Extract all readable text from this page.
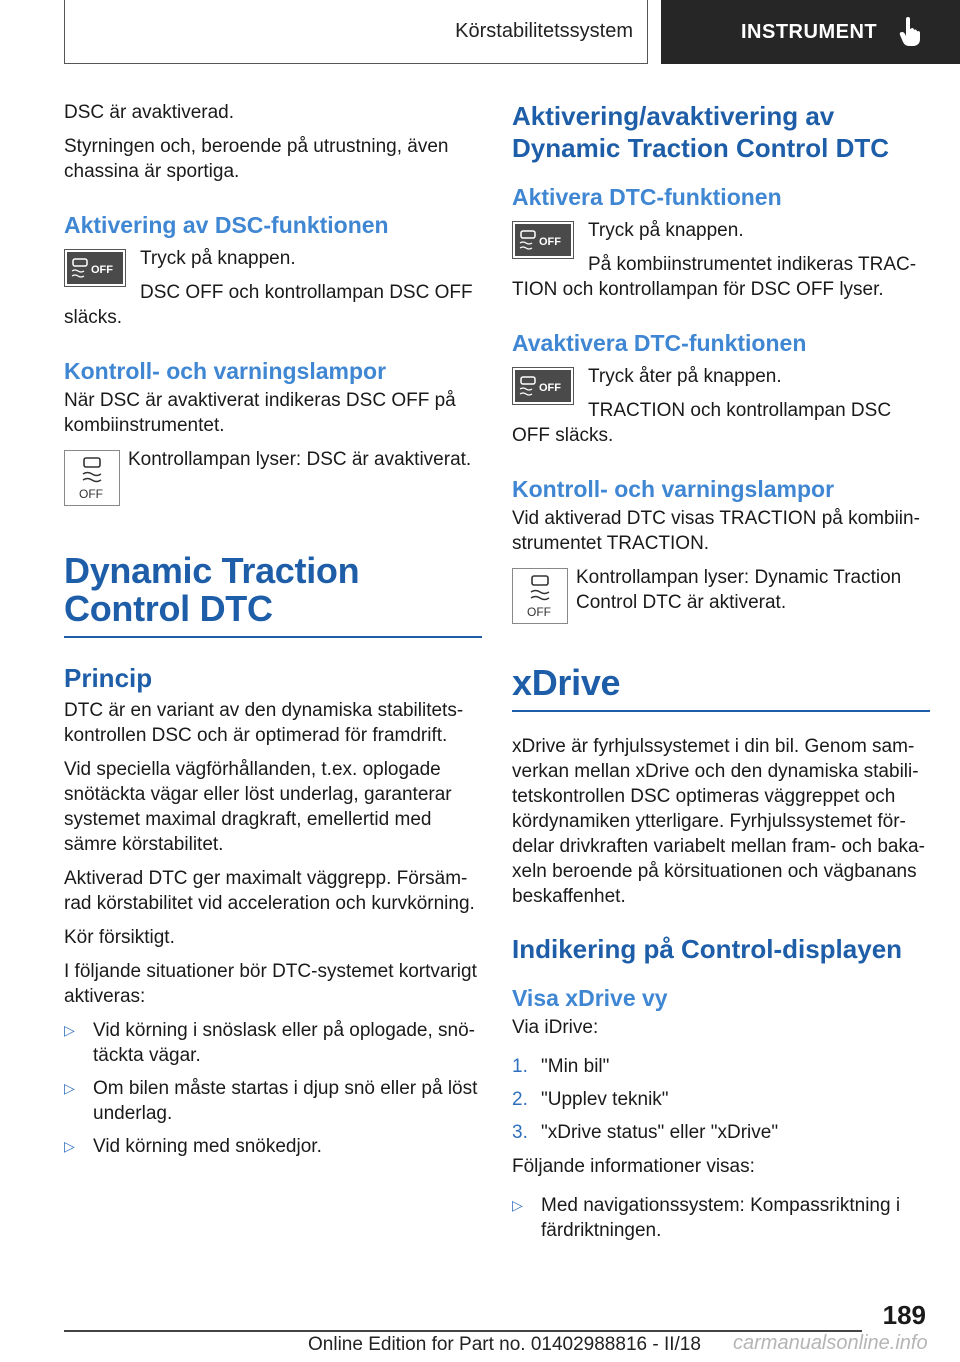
Körstabilitetssystem	INSTRUMENT

DSC är avaktiverad.

Styrningen och, beroende på utrustning, även chassina är sportiga.

Aktivering av DSC-funktionen
OFF

Tryck på knappen.

DSC OFF och kontrollampan DSC OFF släcks.

Kontroll- och varningslampor

När DSC är avaktiverat indikeras DSC OFF på kombiinstrumentet.

OFF

Kontrollampan lyser: DSC är avaktiverat.

Dynamic Traction Control DTC
Princip

DTC är en variant av den dynamiska stabilitetskontrollen DSC och är optimerad för framdrift.

Vid speciella vägförhållanden, t.ex. oplogade snötäckta vägar eller löst underlag, garanterar systemet maximal dragkraft, emellertid med sämre körstabilitet.

Aktiverad DTC ger maximalt väggrepp. Försämrad körstabilitet vid acceleration och kurvkörning.

Kör försiktigt.

I följande situationer bör DTC-systemet kortvarigt aktiveras:

▷ Vid körning i snöslask eller på oplogade, snötäckta vägar.
▷ Om bilen måste startas i djup snö eller på löst underlag.
▷ Vid körning med snökedjor.
Aktivering/avaktivering av Dynamic Traction Control DTC
Aktivera DTC-funktionen
OFF

Tryck på knappen.

På kombiinstrumentet indikeras TRACTION och kontrollampan för DSC OFF lyser.

Avaktivera DTC-funktionen
OFF

Tryck åter på knappen.

TRACTION och kontrollampan DSC OFF släcks.

Kontroll- och varningslampor

Vid aktiverad DTC visas TRACTION på kombiinstrumentet TRACTION.

OFF

Kontrollampan lyser: Dynamic Traction Control DTC är aktiverat.

xDrive

xDrive är fyrhjulssystemet i din bil. Genom samverkan mellan xDrive och den dynamiska stabilitetskontrollen DSC optimeras väggreppet och kördynamiken ytterligare. Fyrhjulssystemet fördelar drivkraften variabelt mellan fram- och bakaxeln beroende på körsituationen och vägbanans beskaffenhet.

Indikering på Control-displayen
Visa xDrive vy

Via iDrive:

1. "Min bil"
2. "Upplev teknik"
3. "xDrive status" eller "xDrive"

Följande informationer visas:

▷ Med navigationssystem: Kompassriktning i färdriktningen.
189
Online Edition for Part no. 01402988816 - II/18 carmanualsonline.info
